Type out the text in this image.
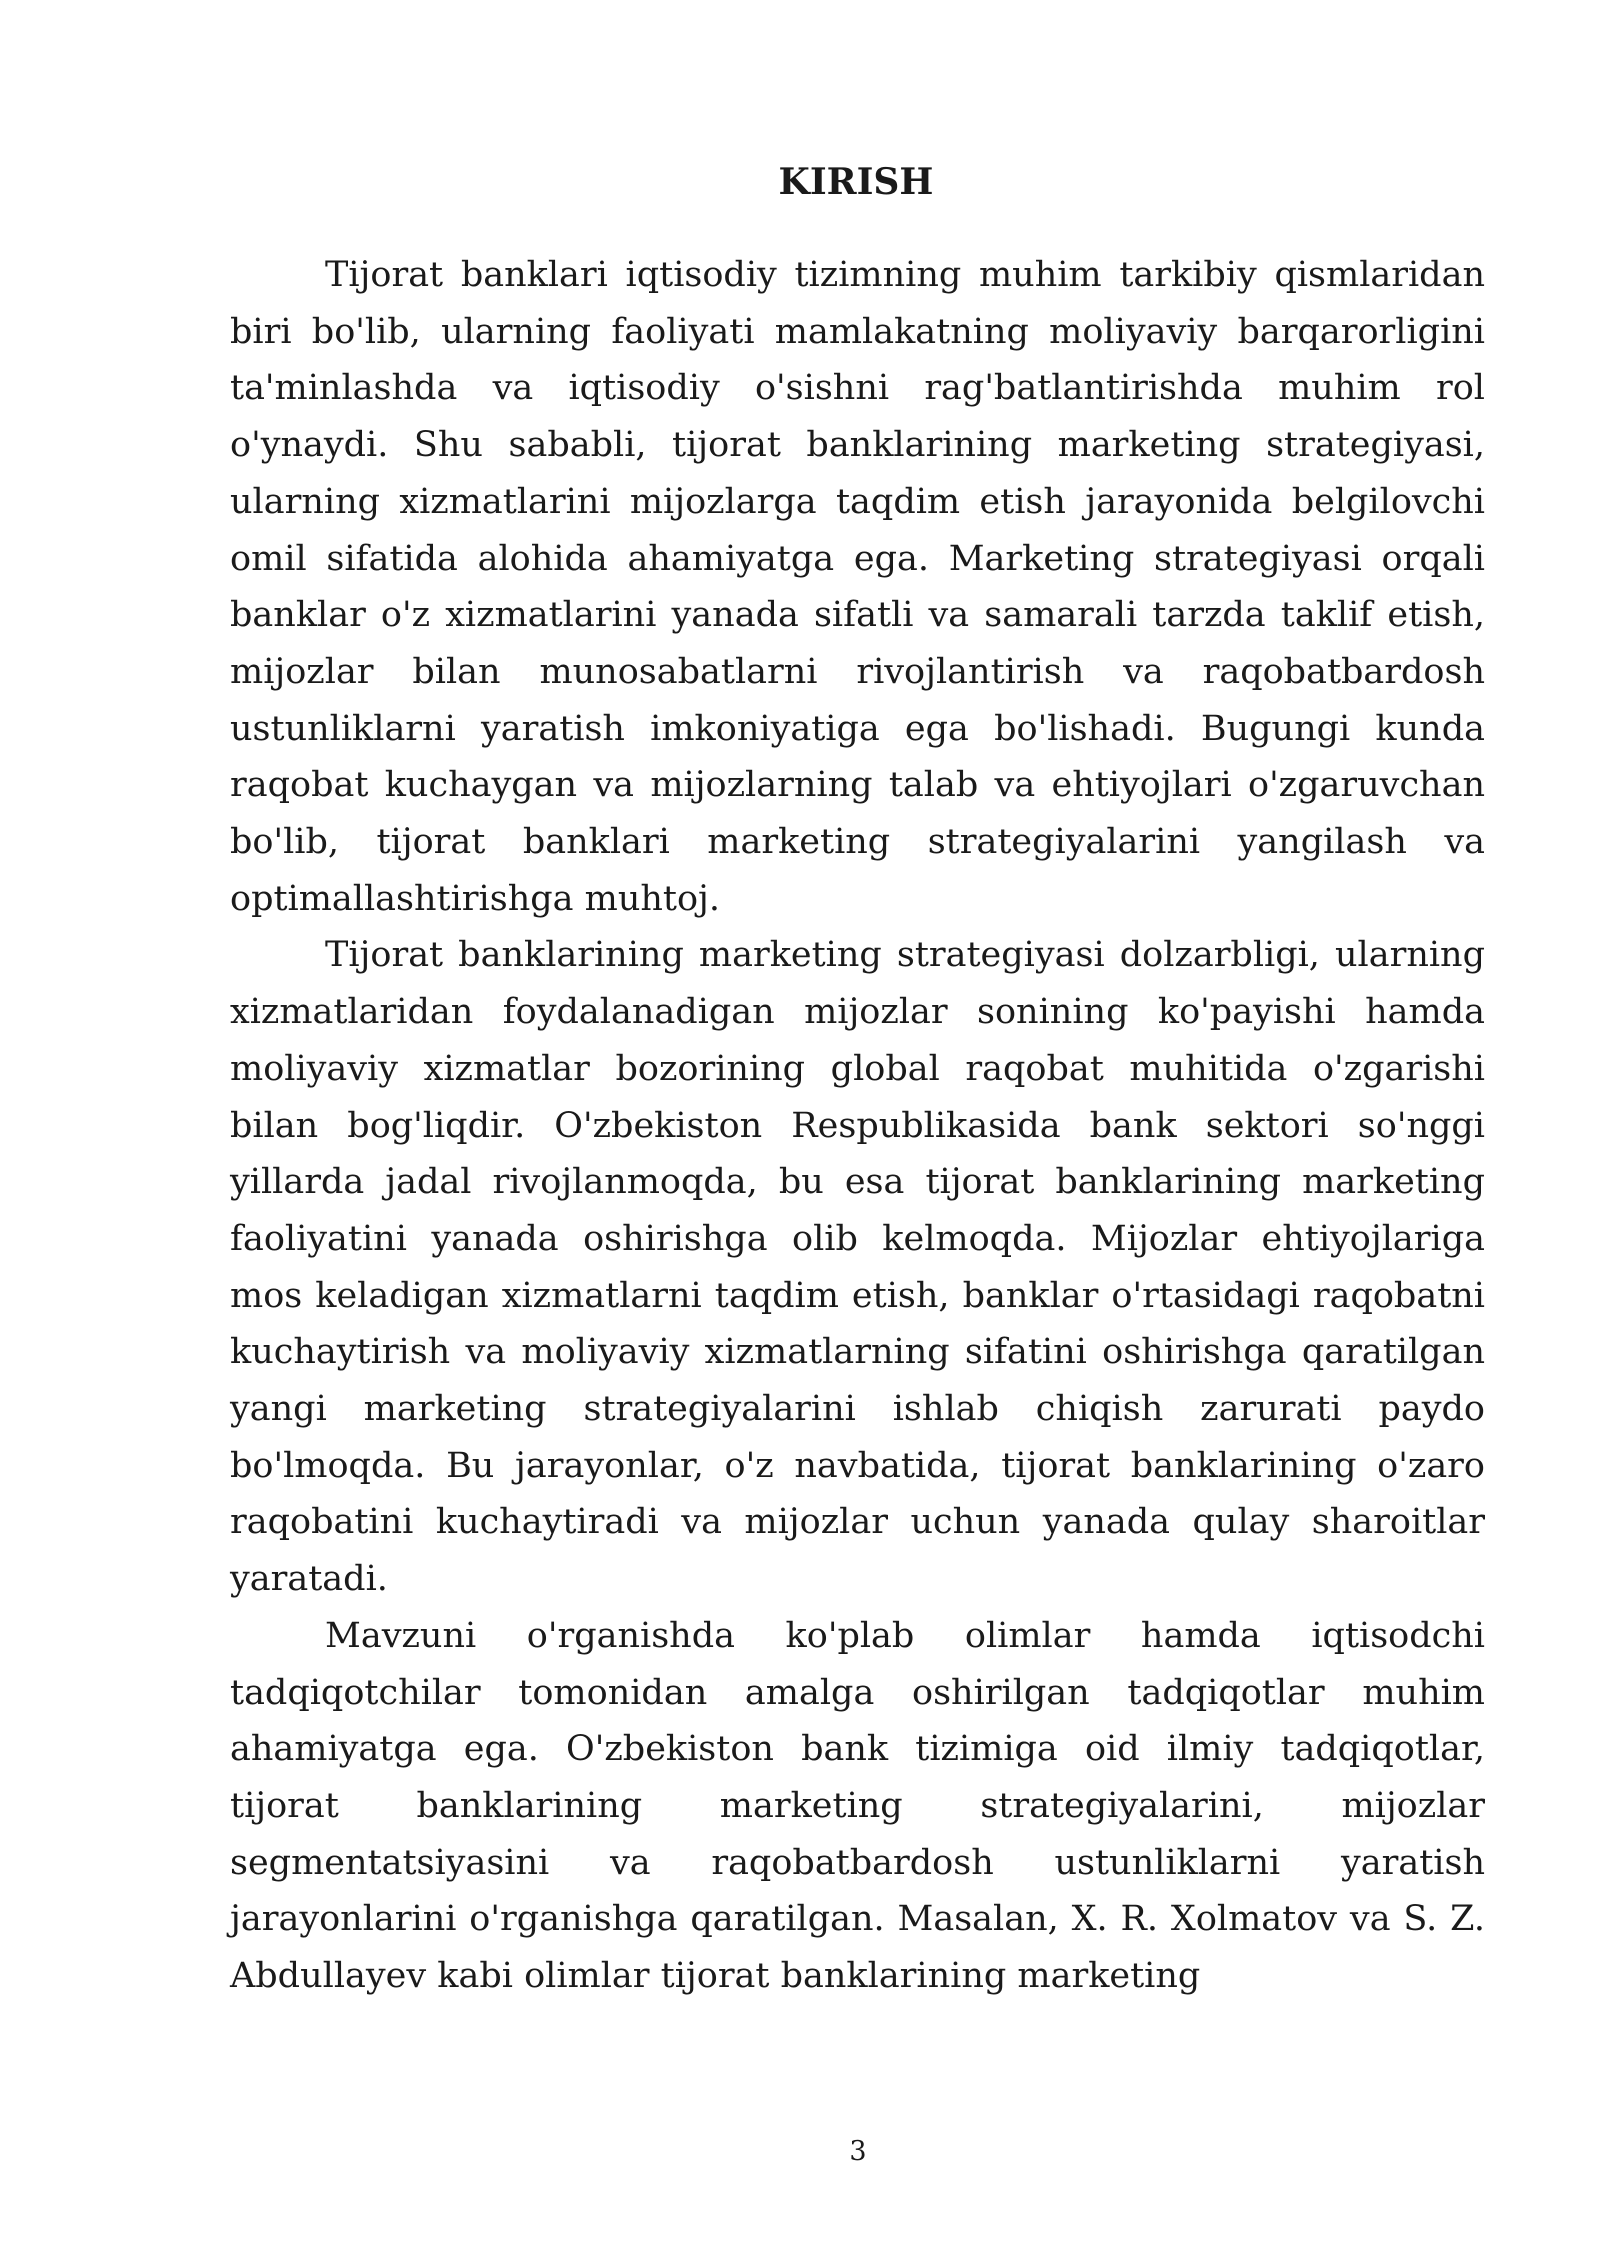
KIRISH

Tijorat banklari iqtisodiy tizimning muhim tarkibiy qismlaridan biri bo'lib, ularning faoliyati mamlakatning moliyaviy barqarorligini ta'minlashda va iqtisodiy o'sishni rag'batlantirishda muhim rol o'ynaydi. Shu sababli, tijorat banklarining marketing strategiyasi, ularning xizmatlarini mijozlarga taqdim etish jarayonida belgilovchi omil sifatida alohida ahamiyatga ega. Marketing strategiyasi orqali banklar o'z xizmatlarini yanada sifatli va samarali tarzda taklif etish, mijozlar bilan munosabatlarni rivojlantirish va raqobatbardosh ustunliklarni yaratish imkoniyatiga ega bo'lishadi. Bugungi kunda raqobat kuchaygan va mijozlarning talab va ehtiyojlari o'zgaruvchan bo'lib, tijorat banklari marketing strategiyalarini yangilash va optimallashtirishga muhtoj.

Tijorat banklarining marketing strategiyasi dolzarbligi, ularning xizmatlaridan foydalanadigan mijozlar sonining ko'payishi hamda moliyaviy xizmatlar bozorining global raqobat muhitida o'zgarishi bilan bog'liqdir. O'zbekiston Respublikasida bank sektori so'nggi yillarda jadal rivojlanmoqda, bu esa tijorat banklarining marketing faoliyatini yanada oshirishga olib kelmoqda. Mijozlar ehtiyojlariga mos keladigan xizmatlarni taqdim etish, banklar o'rtasidagi raqobatni kuchaytirish va moliyaviy xizmatlarning sifatini oshirishga qaratilgan yangi marketing strategiyalarini ishlab chiqish zarurati paydo bo'lmoqda. Bu jarayonlar, o'z navbatida, tijorat banklarining o'zaro raqobatini kuchaytiradi va mijozlar uchun yanada qulay sharoitlar yaratadi.

Mavzuni o'rganishda ko'plab olimlar hamda iqtisodchi tadqiqotchilar tomonidan amalga oshirilgan tadqiqotlar muhim ahamiyatga ega. O'zbekiston bank tizimiga oid ilmiy tadqiqotlar, tijorat banklarining marketing strategiyalarini, mijozlar segmentatsiyasini va raqobatbardosh ustunliklarni yaratish jarayonlarini o'rganishga qaratilgan. Masalan, X. R. Xolmatov va S. Z. Abdullayev kabi olimlar tijorat banklarining marketing

3
